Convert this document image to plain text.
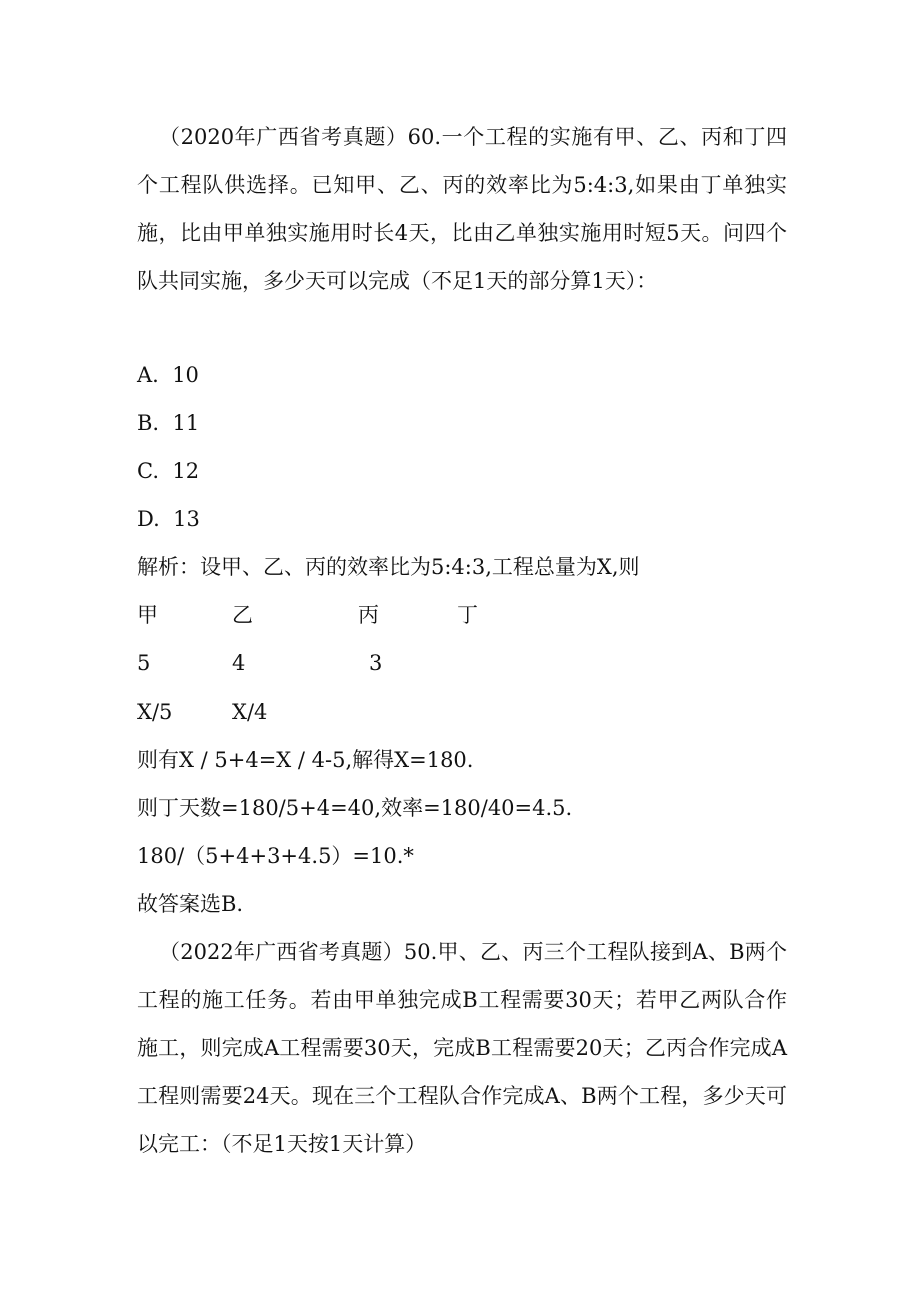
（2020年广西省考真题）60.一个工程的实施有甲、乙、丙和丁四个工程队供选择。已知甲、乙、丙的效率比为5:4:3,如果由丁单独实施，比由甲单独实施用时长4天，比由乙单独实施用时短5天。问四个队共同实施，多少天可以完成（不足1天的部分算1天）：
A.  10
B.  11
C.  12
D.  13
解析：设甲、乙、丙的效率比为5:4:3,工程总量为X,则
甲	乙	丙	丁
5	4	3
X/5	X/4
则有X / 5+4=X / 4-5,解得X=180.
则丁天数=180/5+4=40,效率=180/40=4.5.
180/（5+4+3+4.5）=10.*
故答案选B.
（2022年广西省考真题）50.甲、乙、丙三个工程队接到A、B两个工程的施工任务。若由甲单独完成B工程需要30天；若甲乙两队合作施工，则完成A工程需要30天，完成B工程需要20天；乙丙合作完成A工程则需要24天。现在三个工程队合作完成A、B两个工程，多少天可以完工：（不足1天按1天计算）
